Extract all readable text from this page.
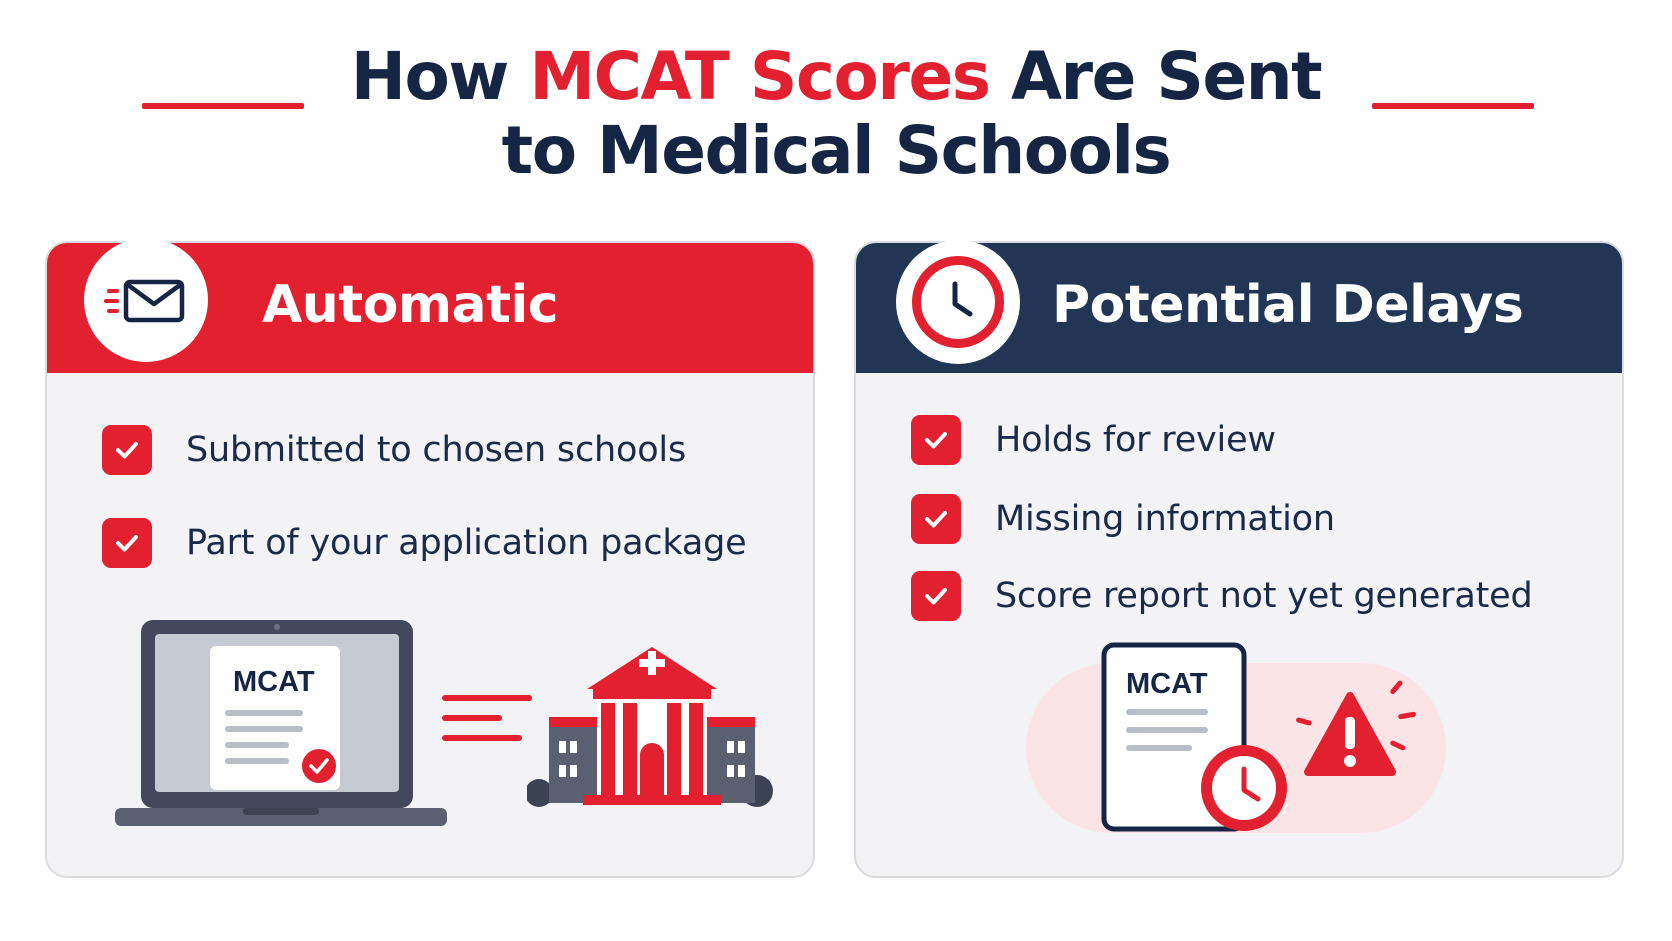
How MCAT Scores Are Sent

to Medical Schools

Automatic
Submitted to chosen schools
Part of your application package
MCAT
Potential Delays
Holds for review
Missing information
Score report not yet generated
MCAT
